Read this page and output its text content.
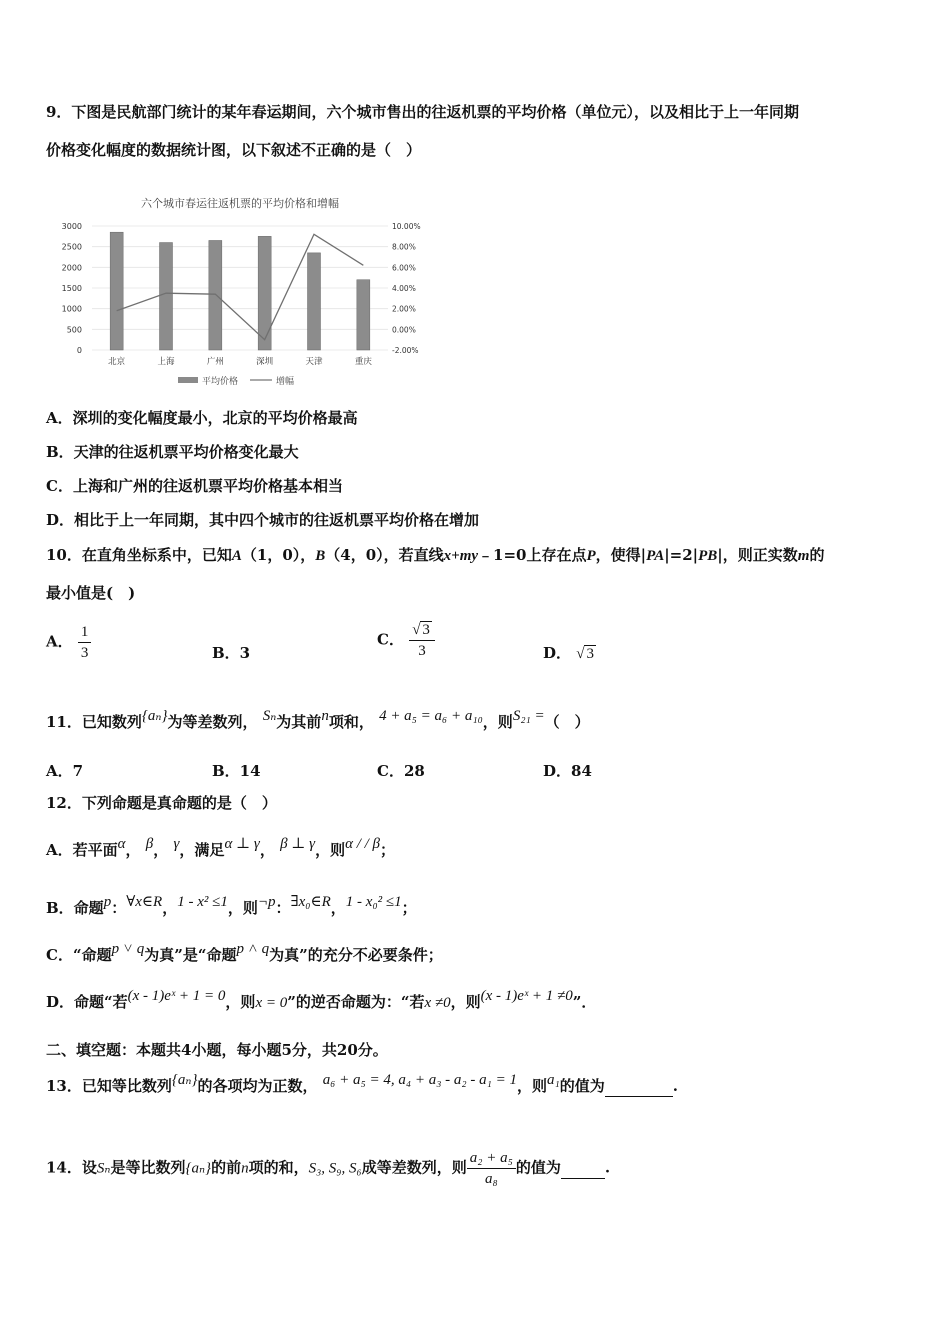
9．下图是民航部门统计的某年春运期间，六个城市售出的往返机票的平均价格（单位元），以及相比于上一年同期
价格变化幅度的数据统计图，以下叙述不正确的是（　）
六个城市春运往返机票的平均价格和增幅
3000
2500
2000
1500
1000
500
0
10.00%
8.00%
6.00%
4.00%
2.00%
0.00%
-2.00%
北京	上海	广州	深圳	天津	重庆
平均价格	增幅
A．深圳的变化幅度最小，北京的平均价格最高
B．天津的往返机票平均价格变化最大
C．上海和广州的往返机票平均价格基本相当
D．相比于上一年同期，其中四个城市的往返机票平均价格在增加
10．在直角坐标系中，已知A（1，0），B（4，0），若直线x+my﹣1=0上存在点P，使得|PA|=2|PB|，则正实数m的
最小值是(　)
A． $\frac{1}{3}$	B．3
C． $\frac{√ 3}{3}$	D． √ 3
11．已知数列{aₙ}为等差数列， Sₙ为其前n项和， 4 + a₅ = a₆ + a₁₀，则S₂₁ =（　）
A．7	B．14	C．28	D．84
12．下列命题是真命题的是（　）
A．若平面α， β， γ，满足α ⊥ γ， β ⊥ γ，则α / / β；
B．命题p：∀x∈R，1 - x² ≤1，则¬p：∃x₀∈R，1 - x₀² ≤1；
C．“命题p ˅ q为真”是“命题p ˄ q为真”的充分不必要条件；
D．命题“若(x - 1)eˣ + 1 = 0，则x = 0”的逆否命题为：“若x ≠0，则(x - 1)eˣ + 1 ≠0”．
二、填空题：本题共4小题，每小题5分，共20分。
13．已知等比数列{aₙ}的各项均为正数， a₆ + a₅ = 4, a₄ + a₃ - a₂ - a₁ = 1，则a₁的值为	.
14．设Sₙ是等比数列{aₙ}的前n项的和，S₃, S₉, S₆成等差数列，则 $\frac{\text{a₂ + a₅}}{\text{a₈}}$ 的值为	.
